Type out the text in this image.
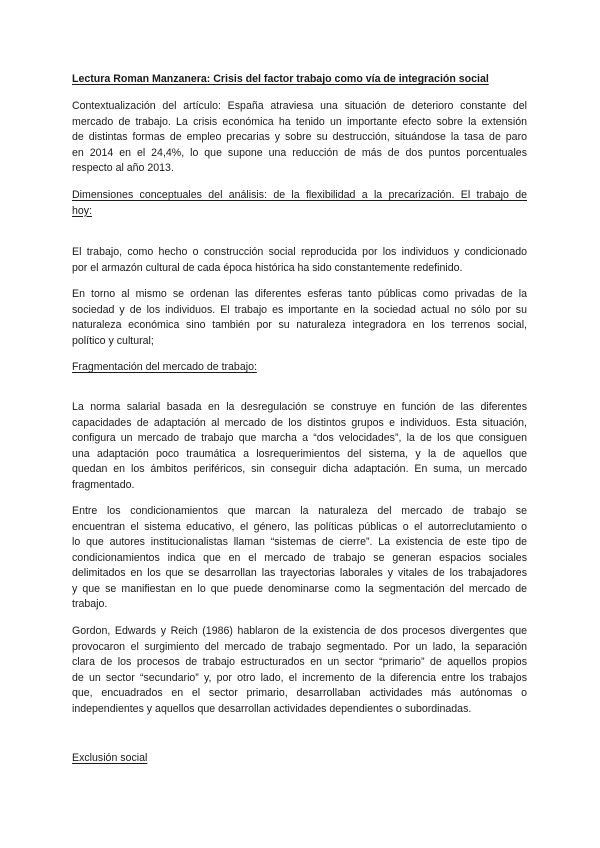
Lectura Roman Manzanera: Crisis del factor trabajo como vía de integración social

Contextualización del artículo: España atraviesa una situación de deterioro constante del

mercado de trabajo. La crisis económica ha tenido un importante efecto sobre la extensión

de distintas formas de empleo precarias y sobre su destrucción, situándose la tasa de paro

en 2014 en el 24,4%, lo que supone una reducción de más de dos puntos porcentuales

respecto al año 2013.

Dimensiones conceptuales del análisis: de la flexibilidad a la precarización. El trabajo de

hoy:

El trabajo, como hecho o construcción social reproducida por los individuos y condicionado

por el armazón cultural de cada época histórica ha sido constantemente redefinido.

En torno al mismo se ordenan las diferentes esferas tanto públicas como privadas de la

sociedad y de los individuos. El trabajo es importante en la sociedad actual no sólo por su

naturaleza económica sino también por su naturaleza integradora en los terrenos social,

político y cultural;

Fragmentación del mercado de trabajo:

La norma salarial basada en la desregulación se construye en función de las diferentes

capacidades de adaptación al mercado de los distintos grupos e individuos. Esta situación,

configura un mercado de trabajo que marcha a “dos velocidades”, la de los que consiguen

una adaptación poco traumática a losrequerimientos del sistema, y la de aquellos que

quedan en los ámbitos periféricos, sin conseguir dicha adaptación. En suma, un mercado

fragmentado.

Entre los condicionamientos que marcan la naturaleza del mercado de trabajo se

encuentran el sistema educativo, el género, las políticas públicas o el autorreclutamiento o

lo que autores institucionalistas llaman “sistemas de cierre”. La existencia de este tipo de

condicionamientos indica que en el mercado de trabajo se generan espacios sociales

delimitados en los que se desarrollan las trayectorias laborales y vitales de los trabajadores

y que se manifiestan en lo que puede denominarse como la segmentación del mercado de

trabajo.

Gordon, Edwards y Reich (1986) hablaron de la existencia de dos procesos divergentes que

provocaron el surgimiento del mercado de trabajo segmentado. Por un lado, la separación

clara de los procesos de trabajo estructurados en un sector “primario” de aquellos propios

de un sector “secundario” y, por otro lado, el incremento de la diferencia entre los trabajos

que, encuadrados en el sector primario, desarrollaban actividades más autónomas o

independientes y aquellos que desarrollan actividades dependientes o subordinadas.

Exclusión social
